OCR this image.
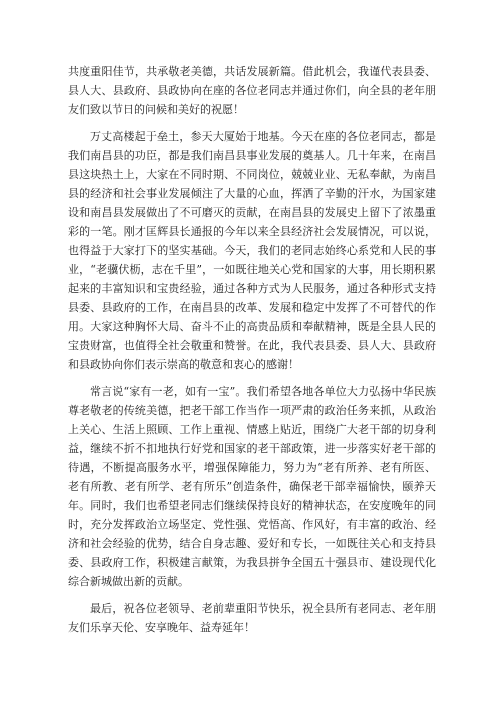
共度重阳佳节，共承敬老美德，共话发展新篇。借此机会，我谨代表县委、县人大、县政府、县政协向在座的各位老同志并通过你们，向全县的老年朋友们致以节日的问候和美好的祝愿！

万丈高楼起于垒土，参天大厦始于地基。今天在座的各位老同志，都是我们南昌县的功臣，都是我们南昌县事业发展的奠基人。几十年来，在南昌县这块热土上，大家在不同时期、不同岗位，兢兢业业、无私奉献，为南昌县的经济和社会事业发展倾注了大量的心血，挥洒了辛勤的汗水，为国家建设和南昌县发展做出了不可磨灭的贡献，在南昌县的发展史上留下了浓墨重彩的一笔。刚才匡辉县长通报的今年以来全县经济社会发展情况，可以说，也得益于大家打下的坚实基础。今天，我们的老同志始终心系党和人民的事业，“老骥伏枥，志在千里”，一如既往地关心党和国家的大事，用长期积累起来的丰富知识和宝贵经验，通过各种方式为人民服务，通过各种形式支持县委、县政府的工作，在南昌县的改革、发展和稳定中发挥了不可替代的作用。大家这种胸怀大局、奋斗不止的高贵品质和奉献精神，既是全县人民的宝贵财富，也值得全社会敬重和赞誉。在此，我代表县委、县人大、县政府和县政协向你们表示崇高的敬意和衷心的感谢！

常言说“家有一老，如有一宝”。我们希望各地各单位大力弘扬中华民族尊老敬老的传统美德，把老干部工作当作一项严肃的政治任务来抓，从政治上关心、生活上照顾、工作上重视、情感上贴近，围绕广大老干部的切身利益，继续不折不扣地执行好党和国家的老干部政策，进一步落实好老干部的待遇，不断提高服务水平，增强保障能力，努力为“老有所养、老有所医、老有所教、老有所学、老有所乐”创造条件，确保老干部幸福愉快，颐养天年。同时，我们也希望老同志们继续保持良好的精神状态，在安度晚年的同时，充分发挥政治立场坚定、党性强、党悟高、作风好，有丰富的政治、经济和社会经验的优势，结合自身志趣、爱好和专长，一如既往关心和支持县委、县政府工作，积极建言献策，为我县拼争全国五十强县市、建设现代化综合新城做出新的贡献。

最后，祝各位老领导、老前辈重阳节快乐，祝全县所有老同志、老年朋友们乐享天伦、安享晚年、益寿延年！
